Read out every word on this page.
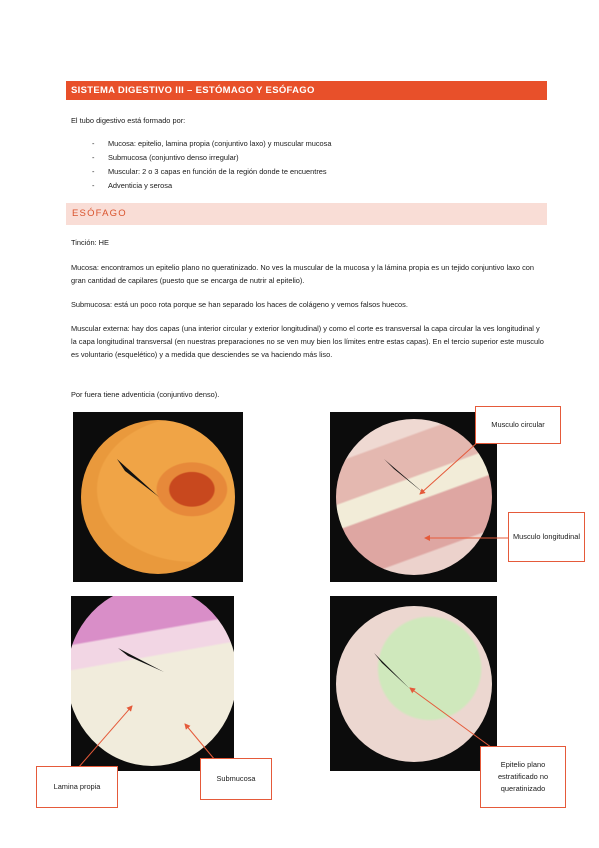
SISTEMA DIGESTIVO III – ESTÓMAGO Y ESÓFAGO
El tubo digestivo está formado por:
- Mucosa: epitelio, lamina propia (conjuntivo laxo) y muscular mucosa
- Submucosa (conjuntivo denso irregular)
- Muscular: 2 o 3 capas en función de la región donde te encuentres
- Adventicia y serosa
ESÓFAGO
Tinción: HE
Mucosa: encontramos un epitelio plano no queratinizado. No ves la muscular de la mucosa y la lámina propia es un tejido conjuntivo laxo con gran cantidad de capilares (puesto que se encarga de nutrir al epitelio).
Submucosa: está un poco rota porque se han separado los haces de colágeno y vemos falsos huecos.
Muscular externa: hay dos capas (una interior circular y exterior longitudinal) y como el corte es transversal la capa circular la ves longitudinal y la capa longitudinal transversal (en nuestras preparaciones no se ven muy bien los límites entre estas capas). En el tercio superior este musculo es voluntario (esquelético) y a medida que desciendes se va haciendo más liso.
Por fuera tiene adventicia (conjuntivo denso).
Musculo circular
Musculo longitudinal
Lamina propia
Submucosa
Epitelio plano estratificado no queratinizado
